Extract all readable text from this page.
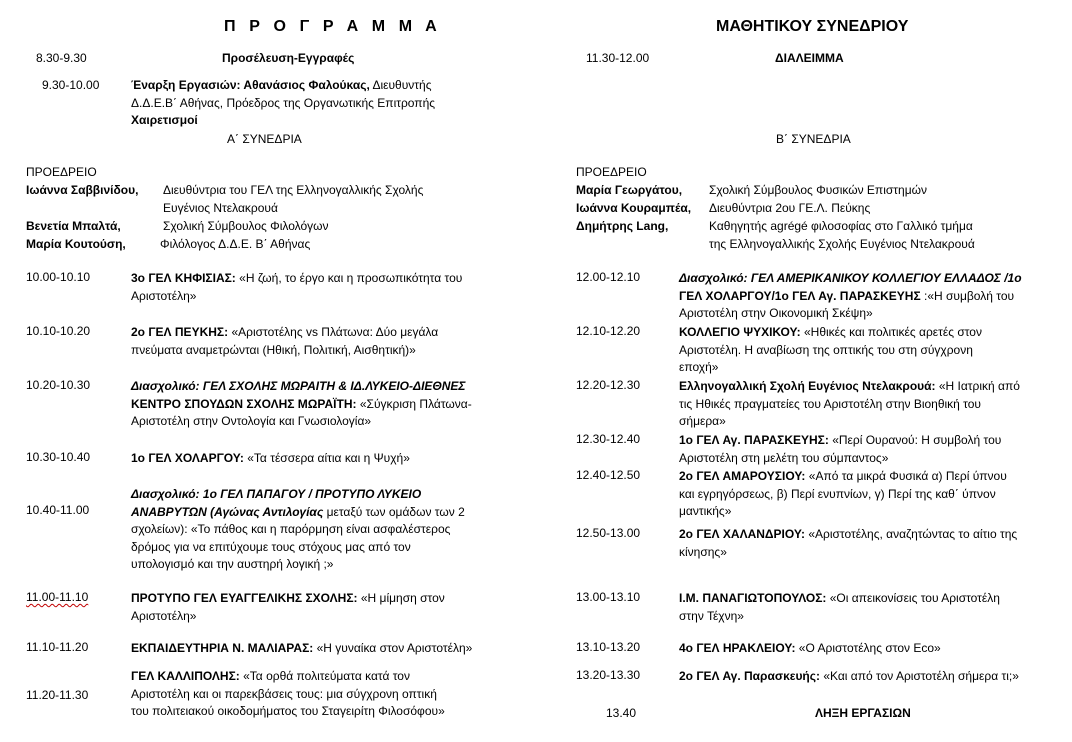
Π Ρ Ο Γ Ρ Α Μ Μ Α	ΜΑΘΗΤΙΚΟΥ ΣΥΝΕΔΡΙΟΥ
8.30-9.30	Προσέλευση-Εγγραφές
9.30-10.00	Έναρξη Εργασιών: Αθανάσιος Φαλούκας, Διευθυντής
Δ.Δ.Ε.Β΄ Αθήνας, Πρόεδρος της Οργανωτικής Επιτροπής
Χαιρετισμοί
Α΄ ΣΥΝΕΔΡΙΑ
ΠΡΟΕΔΡΕΙΟ
Ιωάννα Σαββινίδου, Διευθύντρια του ΓΕΛ της Ελληνογαλλικής Σχολής
Ευγένιος Ντελακρουά
Βενετία Μπαλτά,	Σχολική Σύμβουλος Φιλολόγων
Μαρία Κουτούση,	Φιλόλογος Δ.Δ.Ε. Β΄ Αθήνας
10.00-10.10	3ο ΓΕΛ ΚΗΦΙΣΙΑΣ: «Η ζωή, το έργο και η προσωπικότητα του
Αριστοτέλη»
10.10-10.20	2ο ΓΕΛ ΠΕΥΚΗΣ: «Αριστοτέλης vs Πλάτωνα: Δύο μεγάλα
πνεύματα αναμετρώνται (Ηθική, Πολιτική, Αισθητική)»
10.20-10.30	Διασχολικό: ΓΕΛ ΣΧΟΛΗΣ ΜΩΡΑΙΤΗ & ΙΔ.ΛΥΚΕΙΟ-ΔΙΕΘΝΕΣ
ΚΕΝΤΡΟ ΣΠΟΥΔΩΝ ΣΧΟΛΗΣ ΜΩΡΑΪΤΗ: «Σύγκριση Πλάτωνα-
Αριστοτέλη στην Οντολογία και Γνωσιολογία»
10.30-10.40	1ο ΓΕΛ ΧΟΛΑΡΓΟΥ: «Τα τέσσερα αίτια και η Ψυχή»
10.40-11.00
Διασχολικό: 1ο ΓΕΛ ΠΑΠΑΓΟΥ / ΠΡΟΤΥΠΟ ΛΥΚΕΙΟ
ΑΝΑΒΡΥΤΩΝ (Αγώνας Αντιλογίας μεταξύ των ομάδων των 2
σχολείων): «Το πάθος και η παρόρμηση είναι ασφαλέστερος
δρόμος για να επιτύχουμε τους στόχους μας από τον
υπολογισμό και την αυστηρή λογική ;»
11.00-11.10	ΠΡΟΤΥΠΟ ΓΕΛ ΕΥΑΓΓΕΛΙΚΗΣ ΣΧΟΛΗΣ: «Η μίμηση στον
Αριστοτέλη»
11.10-11.20	ΕΚΠΑΙΔΕΥΤΗΡΙΑ Ν. ΜΑΛΙΑΡΑΣ: «Η γυναίκα στον Αριστοτέλη»
11.20-11.30
ΓΕΛ ΚΑΛΛΙΠΟΛΗΣ: «Τα ορθά πολιτεύματα κατά τον
Αριστοτέλη και οι παρεκβάσεις τους: μια σύγχρονη οπτική
του πολιτειακού οικοδομήματος του Σταγειρίτη Φιλοσόφου»
11.30-12.00	ΔΙΑΛΕΙΜΜΑ
Β΄ ΣΥΝΕΔΡΙΑ
ΠΡΟΕΔΡΕΙΟ
Μαρία Γεωργάτου, Σχολική Σύμβουλος Φυσικών Επιστημών
Ιωάννα Κουραμπέα, Διευθύντρια 2ου ΓΕ.Λ. Πεύκης
Δημήτρης Lang,	Καθηγητής agrégé φιλοσοφίας στο Γαλλικό τμήμα
της Ελληνογαλλικής Σχολής Ευγένιος Ντελακρουά
12.00-12.10	Διασχολικό: ΓΕΛ ΑΜΕΡΙΚΑΝΙΚΟΥ ΚΟΛΛΕΓΙΟΥ ΕΛΛΑΔΟΣ /1ο
ΓΕΛ ΧΟΛΑΡΓΟΥ/1ο ΓΕΛ Αγ. ΠΑΡΑΣΚΕΥΗΣ :«Η συμβολή του
Αριστοτέλη στην Οικονομική Σκέψη»
12.10-12.20	ΚΟΛΛΕΓΙΟ ΨΥΧΙΚΟΥ: «Ηθικές και πολιτικές αρετές στον
Αριστοτέλη. Η αναβίωση της οπτικής του στη σύγχρονη
εποχή»
12.20-12.30	Ελληνογαλλική Σχολή Ευγένιος Ντελακρουά: «Η Ιατρική από
τις Ηθικές πραγματείες του Αριστοτέλη στην Βιοηθική του
σήμερα»
12.30-12.40	1ο ΓΕΛ Αγ. ΠΑΡΑΣΚΕΥΗΣ: «Περί Ουρανού: Η συμβολή του
Αριστοτέλη στη μελέτη του σύμπαντος»
12.40-12.50	2ο ΓΕΛ ΑΜΑΡΟΥΣΙΟΥ: «Από τα μικρά Φυσικά α) Περί ύπνου
και εγρηγόρσεως, β) Περί ενυπνίων, γ) Περί της καθ΄ ύπνον
μαντικής»
12.50-13.00	2ο ΓΕΛ ΧΑΛΑΝΔΡΙΟΥ: «Αριστοτέλης, αναζητώντας το αίτιο της
κίνησης»
13.00-13.10	Ι.Μ. ΠΑΝΑΓΙΩΤΟΠΟΥΛΟΣ: «Οι απεικονίσεις του Αριστοτέλη
στην Τέχνη»
13.10-13.20	4ο ΓΕΛ ΗΡΑΚΛΕΙΟΥ: «Ο Αριστοτέλης στον Eco»
13.20-13.30	2ο ΓΕΛ Αγ. Παρασκευής: «Και από τον Αριστοτέλη σήμερα τι;»
13.40	ΛΗΞΗ ΕΡΓΑΣΙΩΝ
